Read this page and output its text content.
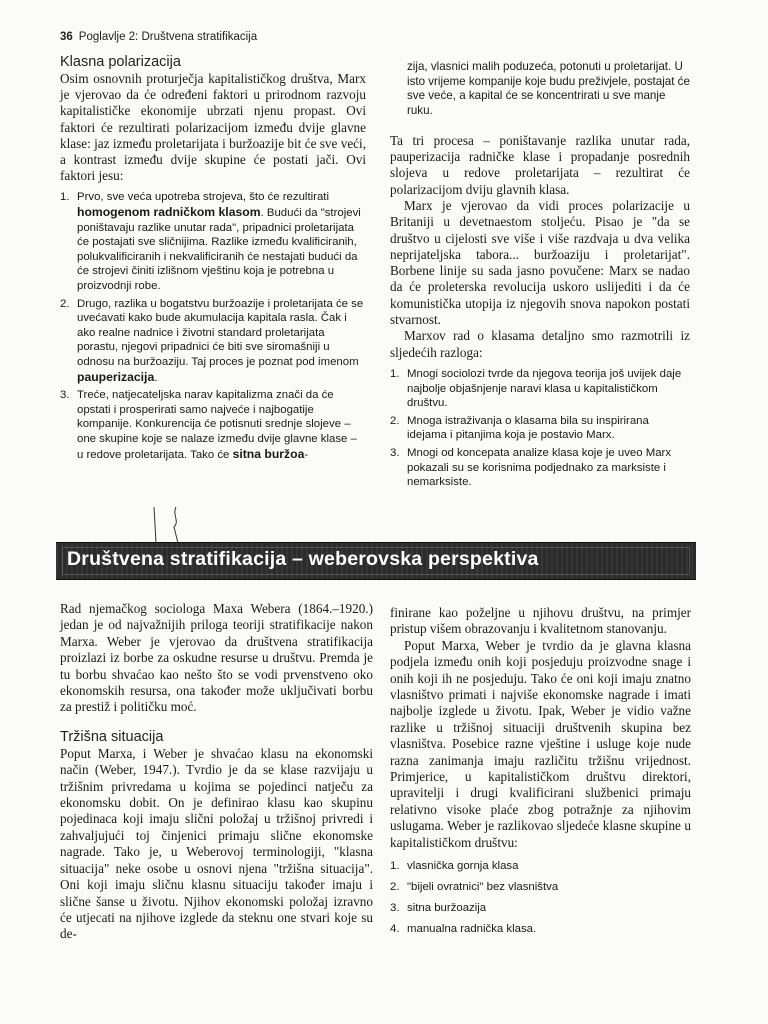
36 Poglavlje 2: Društvena stratifikacija
Klasna polarizacija

Osim osnovnih proturječja kapitalističkog društva, Marx je vjerovao da će određeni faktori u prirodnom razvoju kapitalističke ekonomije ubrzati njenu propast. Ovi faktori će rezultirati polarizacijom između dvije glavne klase: jaz između proletarijata i buržoazije bit će sve veći, a kontrast između dvije skupine će postati jači. Ovi faktori jesu:

1. Prvo, sve veća upotreba strojeva, što će rezultirati homogenom radničkom klasom. Budući da "strojevi poništavaju razlike unutar rada", pripadnici proletarijata će postajati sve sličnijima. Razlike između kvalificiranih, polukvalificiranih i nekvalificiranih će nestajati budući da će strojevi činiti izlišnom vještinu koja je potrebna u proizvodnji robe.
2. Drugo, razlika u bogatstvu buržoazije i proletarijata će se uvećavati kako bude akumulacija kapitala rasla. Čak i ako realne nadnice i životni standard proletarijata porastu, njegovi pripadnici će biti sve siromašniji u odnosu na buržoaziju. Taj proces je poznat pod imenom pauperizacija.
3. Treće, natjecateljska narav kapitalizma znači da će opstati i prosperirati samo najveće i najbogatije kompanije. Konkurencija će potisnuti srednje slojeve – one skupine koje se nalaze između dvije glavne klase – u redove proletarijata. Tako će sitna buržoa-

zija, vlasnici malih poduzeća, potonuti u proletarijat. U isto vrijeme kompanije koje budu preživjele, postajat će sve veće, a kapital će se koncentrirati u sve manje ruku.

Ta tri procesa – poništavanje razlika unutar rada, pauperizacija radničke klase i propadanje posrednih slojeva u redove proletarijata – rezultirat će polarizacijom dviju glavnih klasa.

Marx je vjerovao da vidi proces polarizacije u Britaniji u devetnaestom stoljeću. Pisao je "da se društvo u cijelosti sve više i više razdvaja u dva velika neprijateljska tabora... buržoaziju i proletarijat". Borbene linije su sada jasno povučene: Marx se nadao da će proleterska revolucija uskoro uslijediti i da će komunistička utopija iz njegovih snova napokon postati stvarnost.

Marxov rad o klasama detaljno smo razmotrili iz sljedećih razloga:

1. Mnogi sociolozi tvrde da njegova teorija još uvijek daje najbolje objašnjenje naravi klasa u kapitalističkom društvu.
2. Mnoga istraživanja o klasama bila su inspirirana idejama i pitanjima koja je postavio Marx.
3. Mnogi od koncepata analize klasa koje je uveo Marx pokazali su se korisnima podjednako za marksiste i nemarksiste.
Društvena stratifikacija – weberovska perspektiva

Rad njemačkog sociologa Maxa Webera (1864.–1920.) jedan je od najvažnijih priloga teoriji stratifikacije nakon Marxa. Weber je vjerovao da društvena stratifikacija proizlazi iz borbe za oskudne resurse u društvu. Premda je tu borbu shvaćao kao nešto što se vodi prvenstveno oko ekonomskih resursa, ona također može uključivati borbu za prestiž i političku moć.

Tržišna situacija

Poput Marxa, i Weber je shvaćao klasu na ekonomski način (Weber, 1947.). Tvrdio je da se klase razvijaju u tržišnim privredama u kojima se pojedinci natječu za ekonomsku dobit. On je definirao klasu kao skupinu pojedinaca koji imaju slični položaj u tržišnoj privredi i zahvaljujući toj činjenici primaju slične ekonomske nagrade. Tako je, u Weberovoj terminologiji, "klasna situacija" neke osobe u osnovi njena "tržišna situacija". Oni koji imaju sličnu klasnu situaciju također imaju i slične šanse u životu. Njihov ekonomski položaj izravno će utjecati na njihove izglede da steknu one stvari koje su de-

finirane kao poželjne u njihovu društvu, na primjer pristup višem obrazovanju i kvalitetnom stanovanju.

Poput Marxa, Weber je tvrdio da je glavna klasna podjela između onih koji posjeduju proizvodne snage i onih koji ih ne posjeduju. Tako će oni koji imaju znatno vlasništvo primati i najviše ekonomske nagrade i imati najbolje izglede u životu. Ipak, Weber je vidio važne razlike u tržišnoj situaciji društvenih skupina bez vlasništva. Posebice razne vještine i usluge koje nude razna zanimanja imaju različitu tržišnu vrijednost. Primjerice, u kapitalističkom društvu direktori, upravitelji i drugi kvalificirani službenici primaju relativno visoke plaće zbog potražnje za njihovim uslugama. Weber je razlikovao sljedeće klasne skupine u kapitalističkom društvu:

1. vlasnička gornja klasa
2. "bijeli ovratnici" bez vlasništva
3. sitna buržoazija
4. manualna radnička klasa.
